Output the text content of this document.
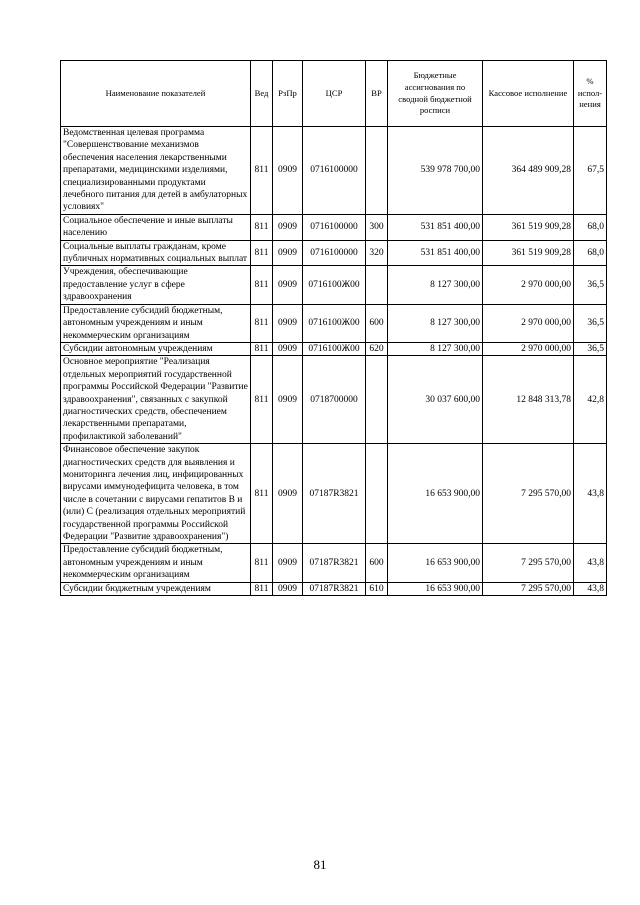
Наименование показателей	Вед	РзПр	ЦСР	ВР	Бюджетные ассигнования по сводной бюджетной росписи	Кассовое исполнение	% испол-нения
Ведомственная целевая программа "Совершенствование механизмов обеспечения населения лекарственными препаратами, медицинскими изделиями, специализированными продуктами лечебного питания для детей в амбулаторных условиях"	811	0909	0716100000		539 978 700,00	364 489 909,28	67,5
Социальное обеспечение и иные выплаты населению	811	0909	0716100000	300	531 851 400,00	361 519 909,28	68,0
Социальные выплаты гражданам, кроме публичных нормативных социальных выплат	811	0909	0716100000	320	531 851 400,00	361 519 909,28	68,0
Учреждения, обеспечивающие предоставление услуг в сфере здравоохранения	811	0909	0716100Ж00		8 127 300,00	2 970 000,00	36,5
Предоставление субсидий бюджетным, автономным учреждениям и иным некоммерческим организациям	811	0909	0716100Ж00	600	8 127 300,00	2 970 000,00	36,5
Субсидии автономным учреждениям	811	0909	0716100Ж00	620	8 127 300,00	2 970 000,00	36,5
Основное мероприятие "Реализация отдельных мероприятий государственной программы Российской Федерации "Развитие здравоохранения", связанных с закупкой диагностических средств, обеспечением лекарственными препаратами, профилактикой заболеваний"	811	0909	0718700000		30 037 600,00	12 848 313,78	42,8
Финансовое обеспечение закупок диагностических средств для выявления и мониторинга лечения лиц, инфицированных вирусами иммунодефицита человека, в том числе в сочетании с вирусами гепатитов B и (или) C (реализация отдельных мероприятий государственной программы Российской Федерации "Развитие здравоохранения")	811	0909	07187R3821		16 653 900,00	7 295 570,00	43,8
Предоставление субсидий бюджетным, автономным учреждениям и иным некоммерческим организациям	811	0909	07187R3821	600	16 653 900,00	7 295 570,00	43,8
Субсидии бюджетным учреждениям	811	0909	07187R3821	610	16 653 900,00	7 295 570,00	43,8
81
